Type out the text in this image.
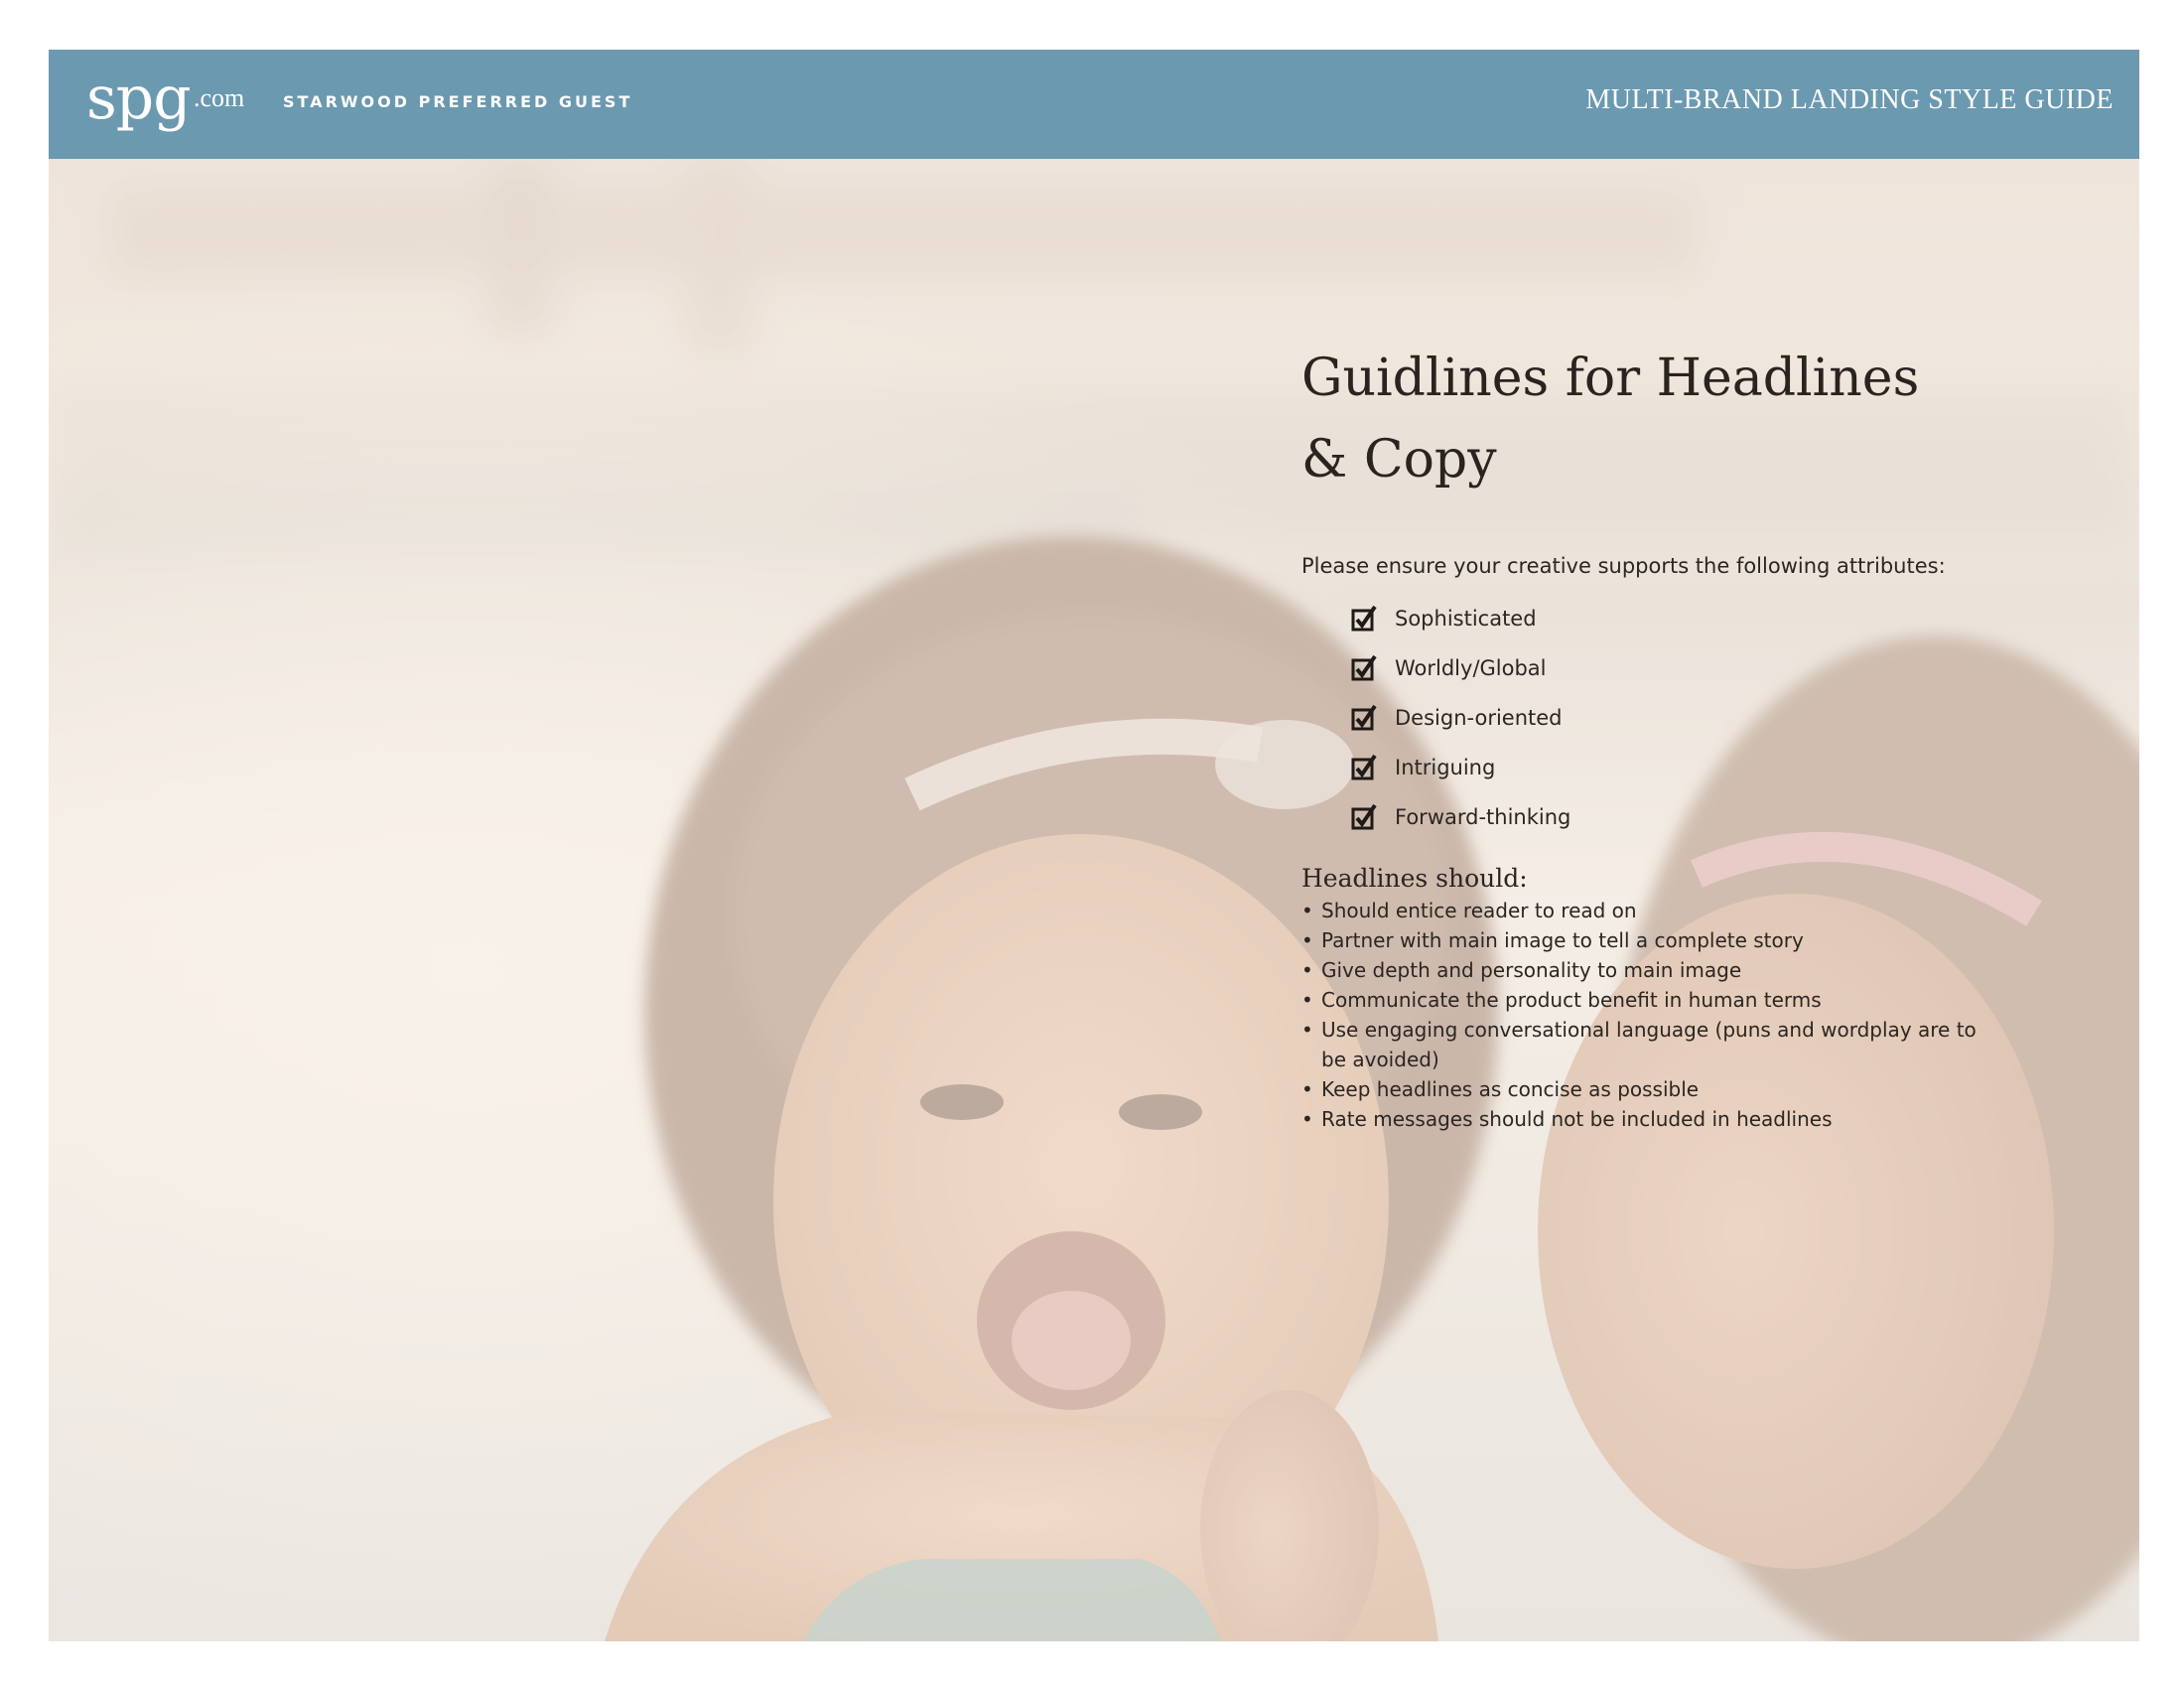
spg .com STARWOOD PREFERRED GUEST	MULTI-BRAND LANDING STYLE GUIDE
Guidlines for Headlines
& Copy
Please ensure your creative supports the following attributes:
Sophisticated
Worldly/Global
Design-oriented
Intriguing
Forward-thinking
Headlines should:
• Should entice reader to read on
• Partner with main image to tell a complete story
• Give depth and personality to main image
• Communicate the product benefit in human terms
• Use engaging conversational language (puns and wordplay are to be avoided)
• Keep headlines as concise as possible
• Rate messages should not be included in headlines
